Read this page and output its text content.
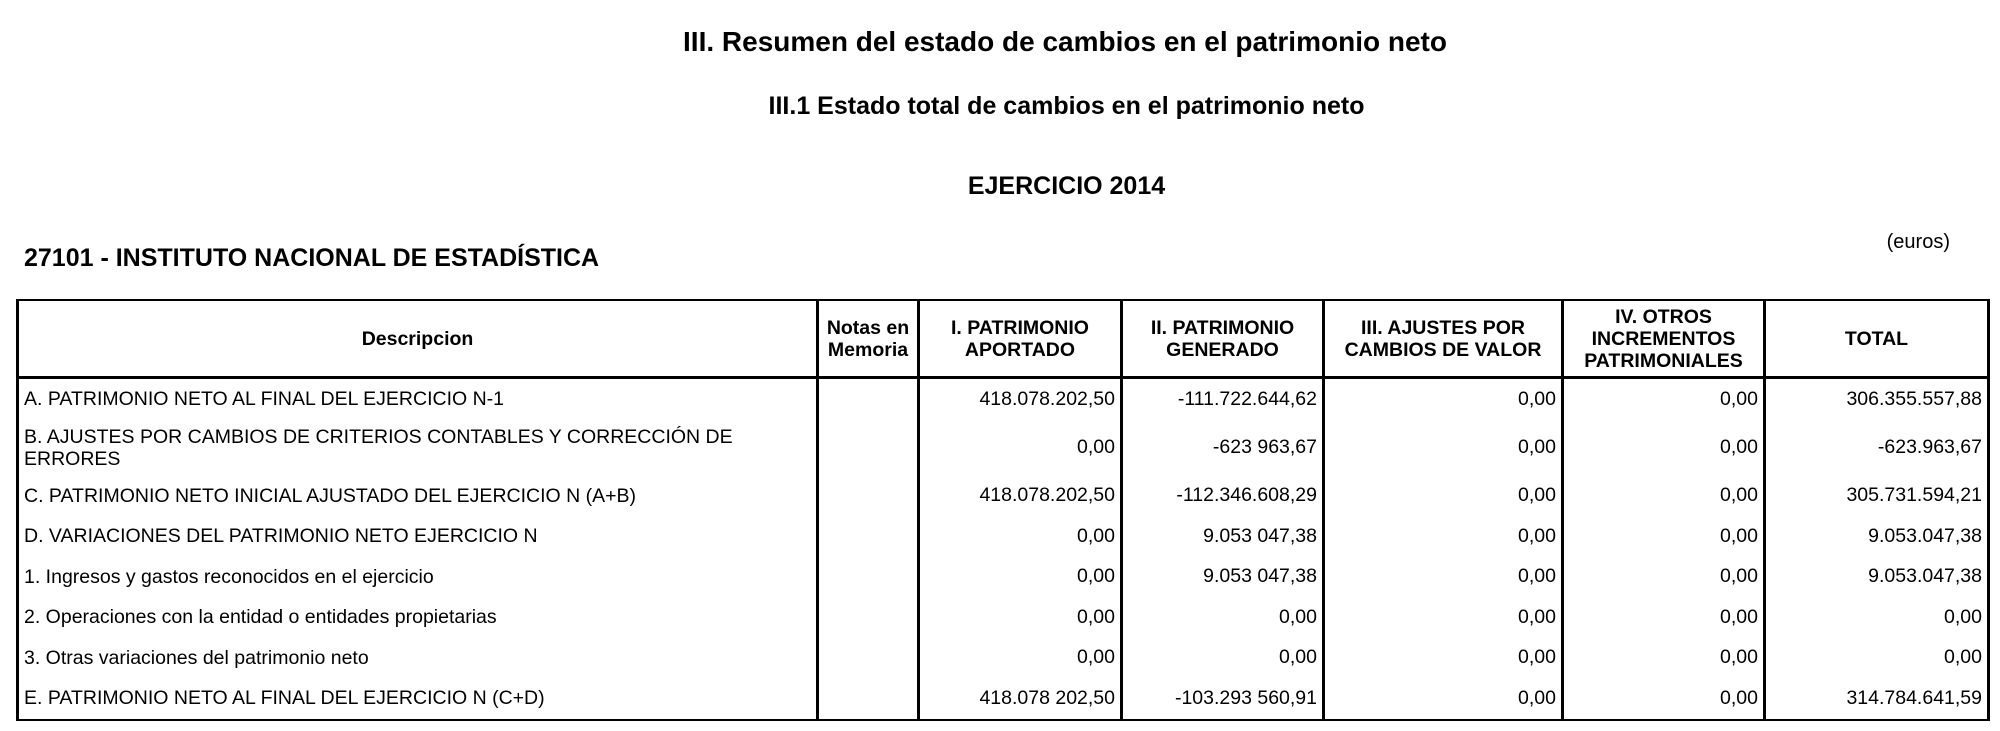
III. Resumen del estado de cambios en el patrimonio neto
III.1 Estado total de cambios en el patrimonio neto
EJERCICIO 2014
27101 - INSTITUTO NACIONAL DE ESTADÍSTICA
(euros)
Descripcion	Notas en Memoria	I. PATRIMONIO APORTADO	II. PATRIMONIO GENERADO	III. AJUSTES POR CAMBIOS DE VALOR	IV. OTROS INCREMENTOS PATRIMONIALES	TOTAL
A. PATRIMONIO NETO AL FINAL DEL EJERCICIO N-1		418.078.202,50	-111.722.644,62	0,00	0,00	306.355.557,88
B. AJUSTES POR CAMBIOS DE CRITERIOS CONTABLES Y CORRECCIÓN DE ERRORES		0,00	-623 963,67	0,00	0,00	-623.963,67
C. PATRIMONIO NETO INICIAL AJUSTADO DEL EJERCICIO N (A+B)		418.078.202,50	-112.346.608,29	0,00	0,00	305.731.594,21
D. VARIACIONES DEL PATRIMONIO NETO EJERCICIO N		0,00	9.053 047,38	0,00	0,00	9.053.047,38
1. Ingresos y gastos reconocidos en el ejercicio		0,00	9.053 047,38	0,00	0,00	9.053.047,38
2. Operaciones con la entidad o entidades propietarias		0,00	0,00	0,00	0,00	0,00
3. Otras variaciones del patrimonio neto		0,00	0,00	0,00	0,00	0,00
E. PATRIMONIO NETO AL FINAL DEL EJERCICIO N (C+D)		418.078 202,50	-103.293 560,91	0,00	0,00	314.784.641,59
